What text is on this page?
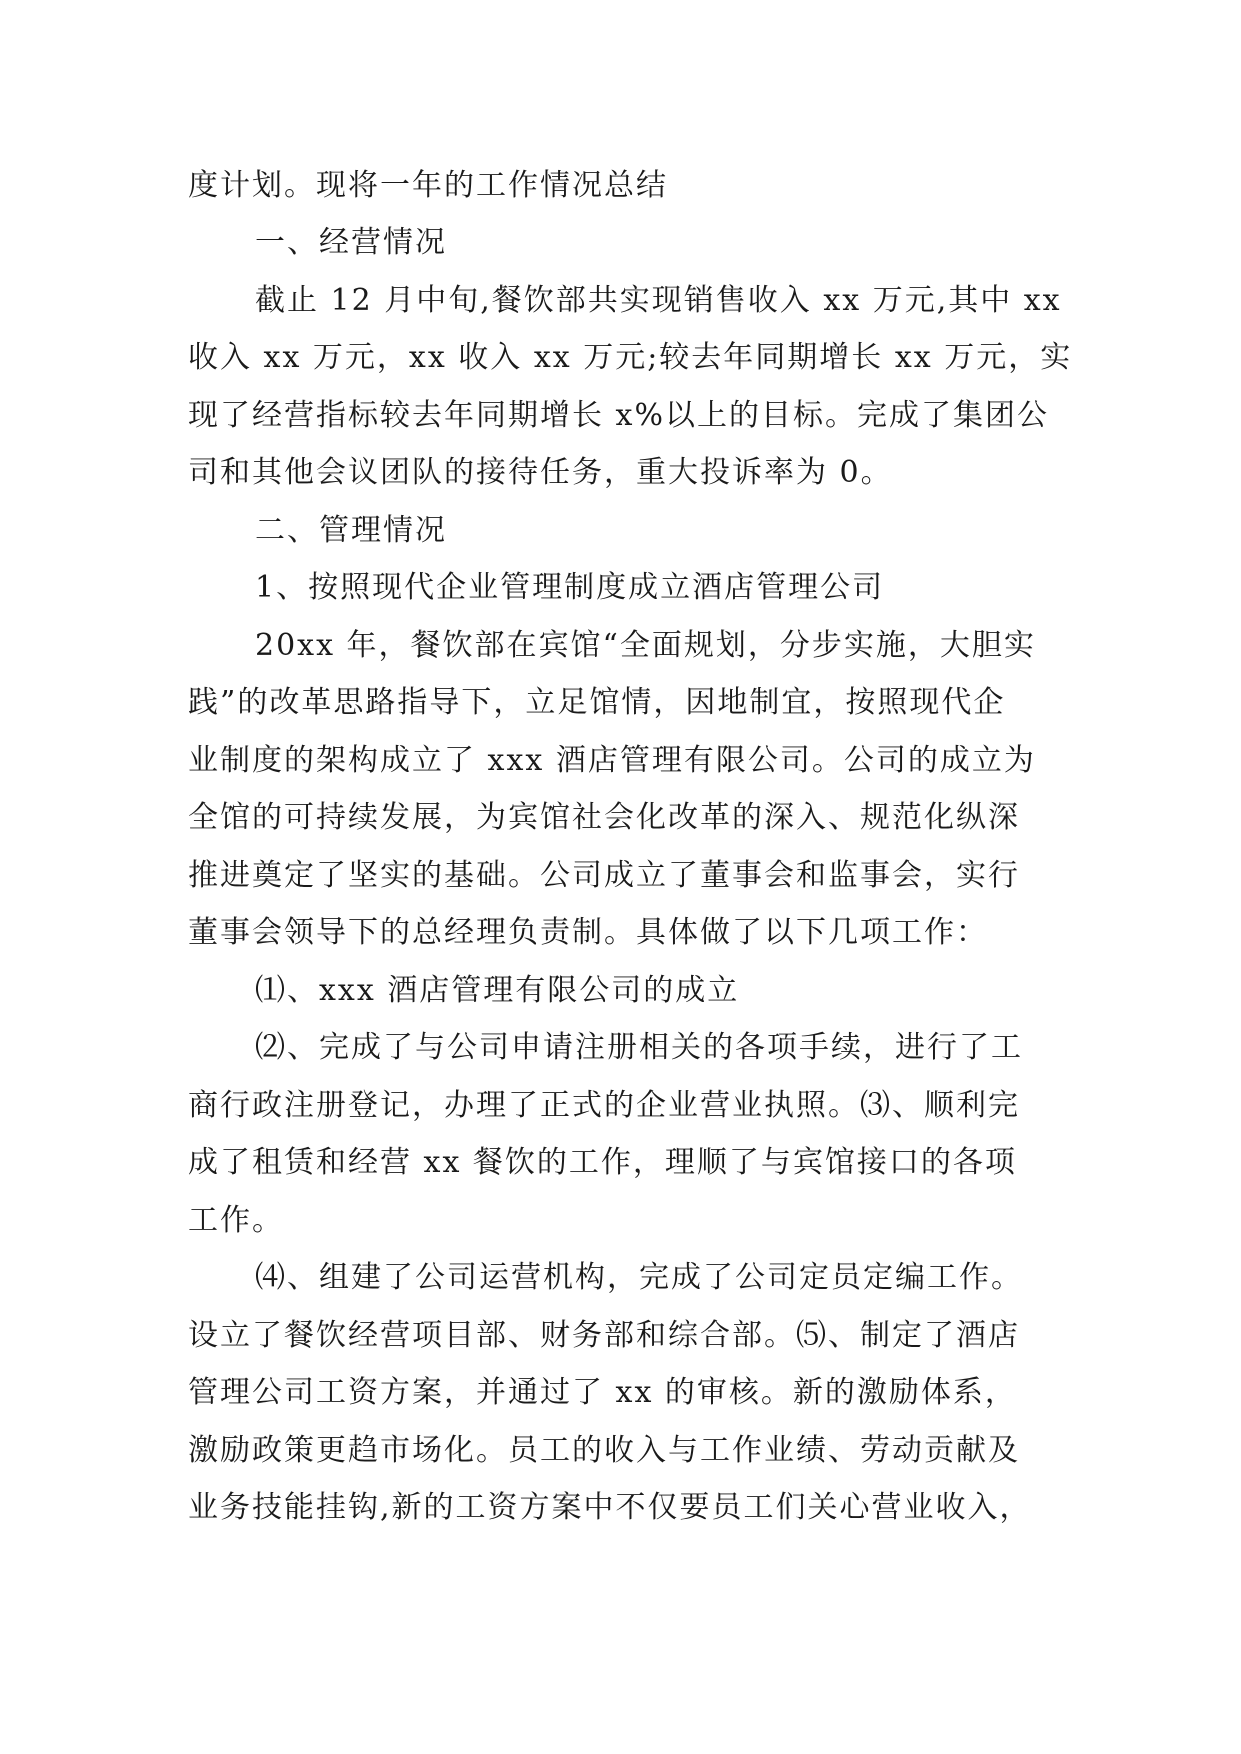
度计划。现将一年的工作情况总结
一、经营情况
截止 12 月中旬,餐饮部共实现销售收入 xx 万元,其中 xx
收入 xx 万元，xx 收入 xx 万元;较去年同期增长 xx 万元，实
现了经营指标较去年同期增长 x%以上的目标。完成了集团公
司和其他会议团队的接待任务，重大投诉率为 0。
二、管理情况
1、按照现代企业管理制度成立酒店管理公司
20xx 年，餐饮部在宾馆“全面规划，分步实施，大胆实
践”的改革思路指导下，立足馆情，因地制宜，按照现代企
业制度的架构成立了 xxx 酒店管理有限公司。公司的成立为
全馆的可持续发展，为宾馆社会化改革的深入、规范化纵深
推进奠定了坚实的基础。公司成立了董事会和监事会，实行
董事会领导下的总经理负责制。具体做了以下几项工作：
⑴、xxx 酒店管理有限公司的成立
⑵、完成了与公司申请注册相关的各项手续，进行了工
商行政注册登记，办理了正式的企业营业执照。⑶、顺利完
成了租赁和经营 xx 餐饮的工作，理顺了与宾馆接口的各项
工作。
⑷、组建了公司运营机构，完成了公司定员定编工作。
设立了餐饮经营项目部、财务部和综合部。⑸、制定了酒店
管理公司工资方案，并通过了 xx 的审核。新的激励体系，
激励政策更趋市场化。员工的收入与工作业绩、劳动贡献及
业务技能挂钩,新的工资方案中不仅要员工们关心营业收入，
